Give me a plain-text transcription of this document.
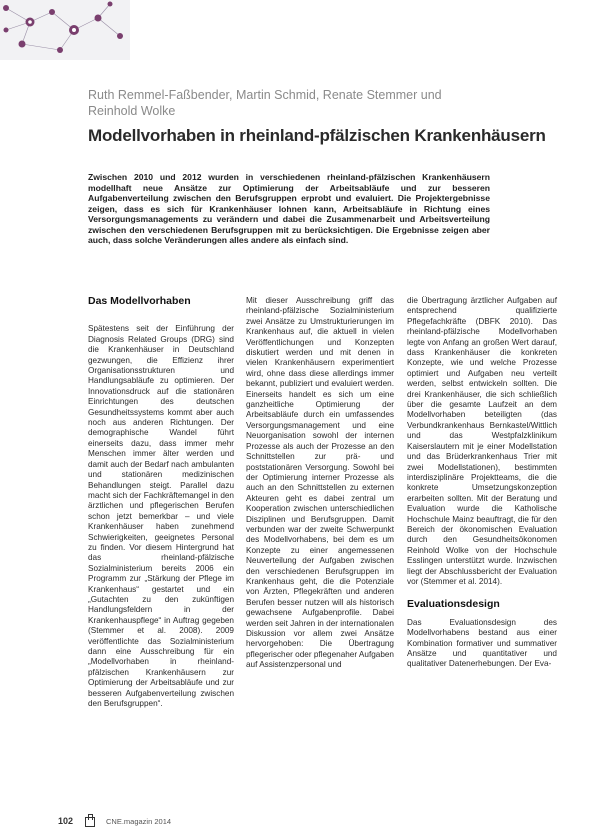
Ruth Remmel-Faßbender, Martin Schmid, Renate Stemmer und Reinhold Wolke
Modellvorhaben in rheinland-pfälzischen Krankenhäusern
Zwischen 2010 und 2012 wurden in verschiedenen rheinland-pfälzischen Krankenhäusern modellhaft neue Ansätze zur Optimierung der Arbeitsabläufe und zur besseren Aufgabenverteilung zwischen den Berufsgruppen erprobt und evaluiert. Die Projektergebnisse zeigen, dass es sich für Krankenhäuser lohnen kann, Arbeitsabläufe in Richtung eines Versorgungsmanagements zu verändern und dabei die Zusammenarbeit und Arbeitsverteilung zwischen den verschiedenen Berufsgruppen mit zu berücksichtigen. Die Ergebnisse zeigen aber auch, dass solche Veränderungen alles andere als einfach sind.
Das Modellvorhaben

Spätestens seit der Einführung der Diagnosis Related Groups (DRG) sind die Krankenhäuser in Deutschland gezwungen, die Effizienz ihrer Organisationsstrukturen und Handlungsabläufe zu optimieren. Der Innovationsdruck auf die stationären Einrichtungen des deutschen Gesundheitssystems kommt aber auch noch aus anderen Richtungen. Der demographische Wandel führt einerseits dazu, dass immer mehr Menschen immer älter werden und damit auch der Bedarf nach ambulanten und stationären medizinischen Behandlungen steigt. Parallel dazu macht sich der Fachkräftemangel in den ärztlichen und pflegerischen Berufen schon jetzt bemerkbar – und viele Krankenhäuser haben zunehmend Schwierigkeiten, geeignetes Personal zu finden. Vor diesem Hintergrund hat das rheinland-pfälzische Sozialministerium bereits 2006 ein Programm zur „Stärkung der Pflege im Krankenhaus“ gestartet und ein „Gutachten zu den zukünftigen Handlungsfeldern in der Krankenhauspflege“ in Auftrag gegeben (Stemmer et al. 2008). 2009 veröffentlichte das Sozialministerium dann eine Ausschreibung für ein „Modellvorhaben in rheinland-pfälzischen Krankenhäusern zur Optimierung der Arbeitsabläufe und zur besseren Aufgabenverteilung zwischen den Berufsgruppen“.

Mit dieser Ausschreibung griff das rheinland-pfälzische Sozialministerium zwei Ansätze zu Umstrukturierungen im Krankenhaus auf, die aktuell in vielen Veröffentlichungen und Konzepten diskutiert werden und mit denen in vielen Krankenhäusern experimentiert wird, ohne dass diese allerdings immer bekannt, publiziert und evaluiert werden. Einerseits handelt es sich um eine ganzheitliche Optimierung der Arbeitsabläufe durch ein umfassendes Versorgungsmanagement und eine Neuorganisation sowohl der internen Prozesse als auch der Prozesse an den Schnittstellen zur prä- und poststationären Versorgung. Sowohl bei der Optimierung interner Prozesse als auch an den Schnittstellen zu externen Akteuren geht es dabei zentral um Kooperation zwischen unterschiedlichen Disziplinen und Berufsgruppen. Damit verbunden war der zweite Schwerpunkt des Modellvorhabens, bei dem es um Konzepte zu einer angemessenen Neuverteilung der Aufgaben zwischen den verschiedenen Berufsgruppen im Krankenhaus geht, die die Potenziale von Ärzten, Pflegekräften und anderen Berufen besser nutzen will als historisch gewachsene Aufgabenprofile. Dabei werden seit Jahren in der internationalen Diskussion vor allem zwei Ansätze hervorgehoben: Die Übertragung pflegerischer oder pflegenaher Aufgaben auf Assistenzpersonal und

die Übertragung ärztlicher Aufgaben auf entsprechend qualifizierte Pflegefachkräfte (DBFK 2010). Das rheinland-pfälzische Modellvorhaben legte von Anfang an großen Wert darauf, dass Krankenhäuser die konkreten Konzepte, wie und welche Prozesse optimiert und Aufgaben neu verteilt werden, selbst entwickeln sollten. Die drei Krankenhäuser, die sich schließlich über die gesamte Laufzeit an dem Modellvorhaben beteiligten (das Verbundkrankenhaus Bernkastel/Wittlich und das Westpfalzklinikum Kaiserslautern mit je einer Modellstation und das Brüderkrankenhaus Trier mit zwei Modellstationen), bestimmten interdisziplinäre Projektteams, die die konkrete Umsetzungskonzeption erarbeiten sollten. Mit der Beratung und Evaluation wurde die Katholische Hochschule Mainz beauftragt, die für den Bereich der ökonomischen Evaluation durch den Gesundheitsökonomen Reinhold Wolke von der Hochschule Esslingen unterstützt wurde. Inzwischen liegt der Abschlussbericht der Evaluation vor (Stemmer et al. 2014).

Evaluationsdesign

Das Evaluationsdesign des Modellvorhabens bestand aus einer Kombination formativer und summativer Ansätze und quantitativer und qualitativer Datenerhebungen. Der Eva-

102	CNE.magazin 2014
